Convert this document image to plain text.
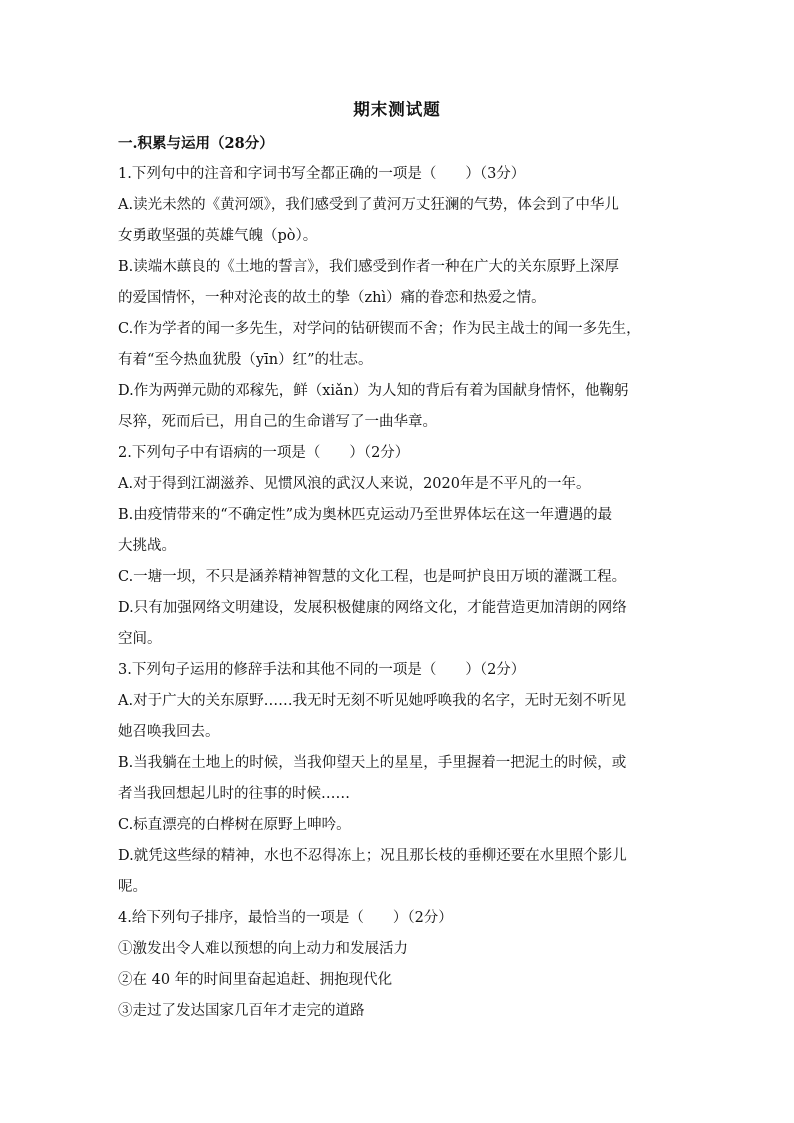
期末测试题
一.积累与运用（28分）
1.下列句中的注音和字词书写全都正确的一项是（　　）（3分）
A.读光未然的《黄河颂》，我们感受到了黄河万丈狂澜的气势，体会到了中华儿
女勇敢坚强的英雄气魄（pò）。
B.读端木蕻良的《土地的誓言》，我们感受到作者一种在广大的关东原野上深厚
的爱国情怀，一种对沦丧的故土的挚（zhì）痛的眷恋和热爱之情。
C.作为学者的闻一多先生，对学问的钻研锲而不舍；作为民主战士的闻一多先生，
有着“至今热血犹殷（yīn）红”的壮志。
D.作为两弹元勋的邓稼先，鲜（xiǎn）为人知的背后有着为国献身情怀，他鞠躬
尽猝，死而后已，用自己的生命谱写了一曲华章。
2.下列句子中有语病的一项是（　　）（2分）
A.对于得到江湖滋养、见惯风浪的武汉人来说，2020年是不平凡的一年。
B.由疫情带来的“不确定性”成为奥林匹克运动乃至世界体坛在这一年遭遇的最
大挑战。
C.一塘一坝，不只是涵养精神智慧的文化工程，也是呵护良田万顷的灌溉工程。
D.只有加强网络文明建设，发展积极健康的网络文化，才能营造更加清朗的网络
空间。
3.下列句子运用的修辞手法和其他不同的一项是（　　）（2分）
A.对于广大的关东原野……我无时无刻不听见她呼唤我的名字，无时无刻不听见
她召唤我回去。
B.当我躺在土地上的时候，当我仰望天上的星星，手里握着一把泥土的时候，或
者当我回想起儿时的往事的时候……
C.标直漂亮的白桦树在原野上呻吟。
D.就凭这些绿的精神，水也不忍得冻上；况且那长枝的垂柳还要在水里照个影儿
呢。
4.给下列句子排序，最恰当的一项是（　　）（2分）
①激发出令人难以预想的向上动力和发展活力
②在 40 年的时间里奋起追赶、拥抱现代化
③走过了发达国家几百年才走完的道路
